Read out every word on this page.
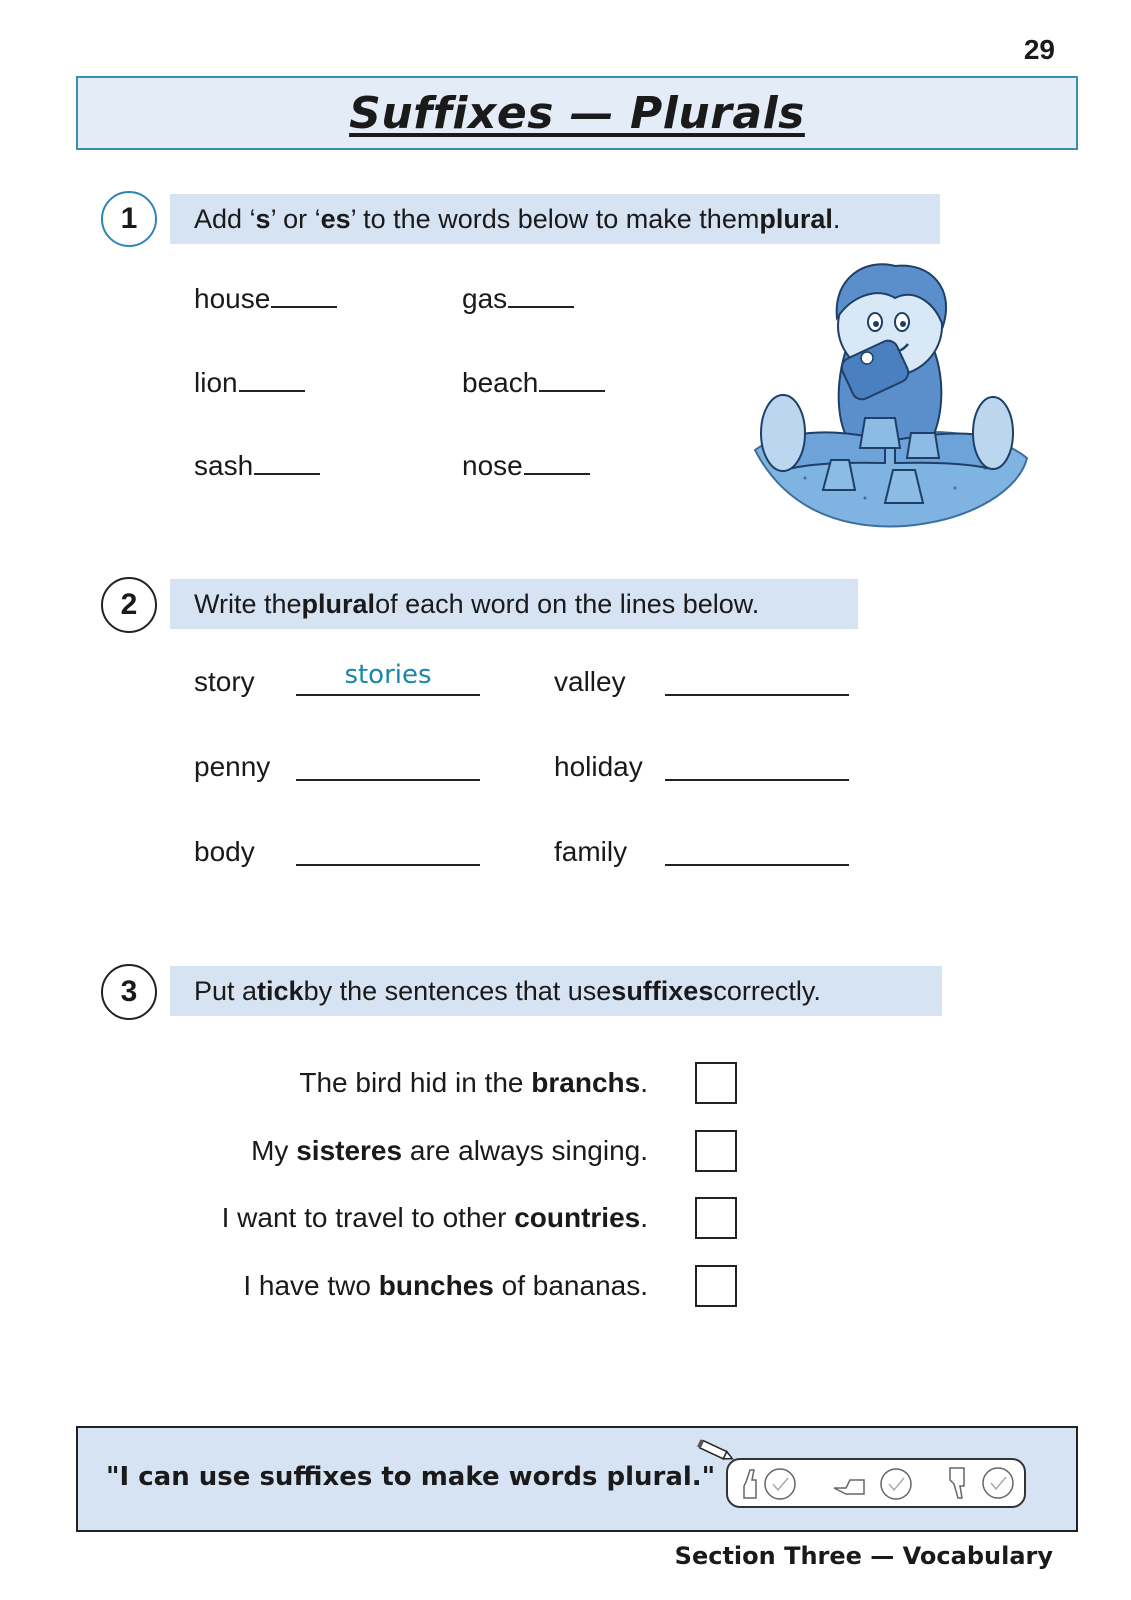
29
Suffixes — Plurals
1	Add ‘ s ’ or ‘ es ’ to the words below to make them plural .
house	gas
lion	beach
sash	nose
2	Write the plural of each word on the lines below.
story	stories	valley
penny	holiday
body	family
3	Put a tick by the sentences that use suffixes correctly.
The bird hid in the branchs.
My sisteres are always singing.
I want to travel to other countries.
I have two bunches of bananas.
"I can use suffixes to make words plural."
Section Three — Vocabulary
